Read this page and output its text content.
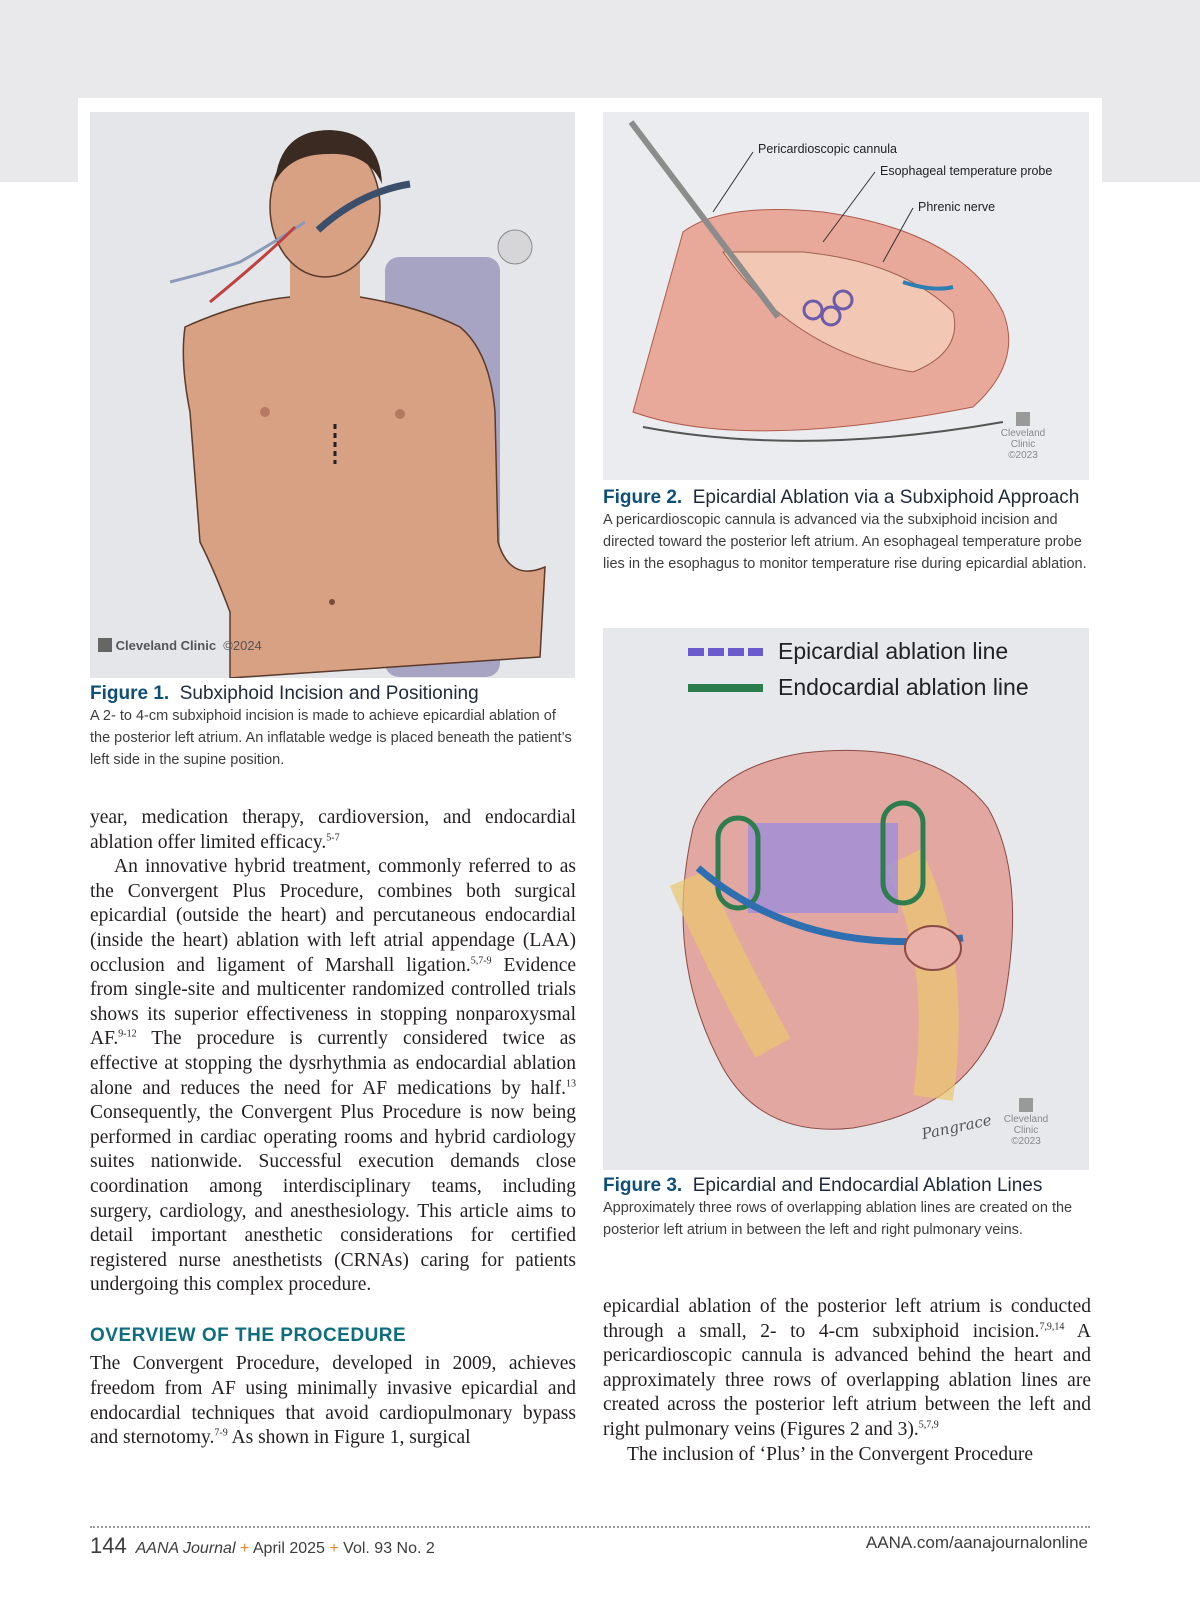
Cleveland Clinic ©2024
Figure 1. Subxiphoid Incision and Positioning
A 2- to 4-cm subxiphoid incision is made to achieve epicardial ablation of the posterior left atrium. An inflatable wedge is placed beneath the patient’s left side in the supine position.
Pericardioscopic cannula
Esophageal temperature probe
Phrenic nerve
Cleveland
Clinic
©2023
Figure 2. Epicardial Ablation via a Subxiphoid Approach
A pericardioscopic cannula is advanced via the subxiphoid incision and directed toward the posterior left atrium. An esophageal temperature probe lies in the esophagus to monitor temperature rise during epicardial ablation.
Epicardial ablation line
Endocardial ablation line
Pangrace Cleveland
Clinic
©2023
Figure 3. Epicardial and Endocardial Ablation Lines
Approximately three rows of overlapping ablation lines are created on the posterior left atrium in between the left and right pulmonary veins.

year, medication therapy, cardioversion, and endocardial ablation offer limited efficacy.$^{5-7}$

An innovative hybrid treatment, commonly referred to as the Convergent Plus Procedure, combines both surgical epicardial (outside the heart) and percutaneous endocardial (inside the heart) ablation with left atrial appendage (LAA) occlusion and ligament of Marshall ligation.$^{5,7-9}$ Evidence from single-site and multicenter randomized controlled trials shows its superior effectiveness in stopping nonparoxysmal AF.$^{9-12}$ The procedure is currently considered twice as effective at stopping the dysrhythmia as endocardial ablation alone and reduces the need for AF medications by half.$^{13}$ Consequently, the Convergent Plus Procedure is now being performed in cardiac operating rooms and hybrid cardiology suites nationwide. Successful execution demands close coordination among interdisciplinary teams, including surgery, cardiology, and anesthesiology. This article aims to detail important anesthetic considerations for certified registered nurse anesthetists (CRNAs) caring for patients undergoing this complex procedure.

OVERVIEW OF THE PROCEDURE

The Convergent Procedure, developed in 2009, achieves freedom from AF using minimally invasive epicardial and endocardial techniques that avoid cardiopulmonary bypass and sternotomy.$^{7-9}$ As shown in Figure 1, surgical

epicardial ablation of the posterior left atrium is conducted through a small, 2- to 4-cm subxiphoid incision.$^{7,9,14}$ A pericardioscopic cannula is advanced behind the heart and approximately three rows of overlapping ablation lines are created across the posterior left atrium between the left and right pulmonary veins (Figures 2 and 3).$^{5,7,9}$

The inclusion of ‘Plus’ in the Convergent Procedure

144 AANA Journal + April 2025 + Vol. 93 No. 2	AANA.com/aanajournalonline
